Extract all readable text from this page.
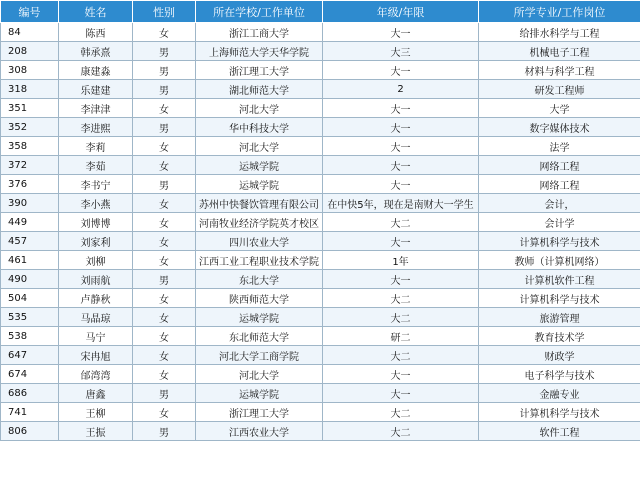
编号	姓名	性别	所在学校/工作单位	年级/年限	所学专业/工作岗位
84	陈西	女	浙江工商大学	大一	给排水科学与工程
208	韩承熹	男	上海师范大学天华学院	大三	机械电子工程
308	康建淼	男	浙江理工大学	大一	材料与科学工程
318	乐建建	男	湖北师范大学	2	研发工程师
351	李津津	女	河北大学	大一	大学
352	李进熙	男	华中科技大学	大一	数字媒体技术
358	李莉	女	河北大学	大一	法学
372	李茹	女	运城学院	大一	网络工程
376	李书宁	男	运城学院	大一	网络工程
390	李小燕	女	苏州中快餐饮管理有限公司	在中快5年，现在是南财大一学生	会计，
449	刘博博	女	河南牧业经济学院英才校区	大二	会计学
457	刘家利	女	四川农业大学	大一	计算机科学与技术
461	刘柳	女	江西工业工程职业技术学院	1年	教师（计算机网络）
490	刘雨航	男	东北大学	大一	计算机软件工程
504	卢静秋	女	陕西师范大学	大二	计算机科学与技术
535	马晶琼	女	运城学院	大二	旅游管理
538	马宁	女	东北师范大学	研二	教育技术学
647	宋冉旭	女	河北大学工商学院	大二	财政学
674	邰湾湾	女	河北大学	大一	电子科学与技术
686	唐鑫	男	运城学院	大一	金融专业
741	王柳	女	浙江理工大学	大二	计算机科学与技术
806	王振	男	江西农业大学	大二	软件工程
